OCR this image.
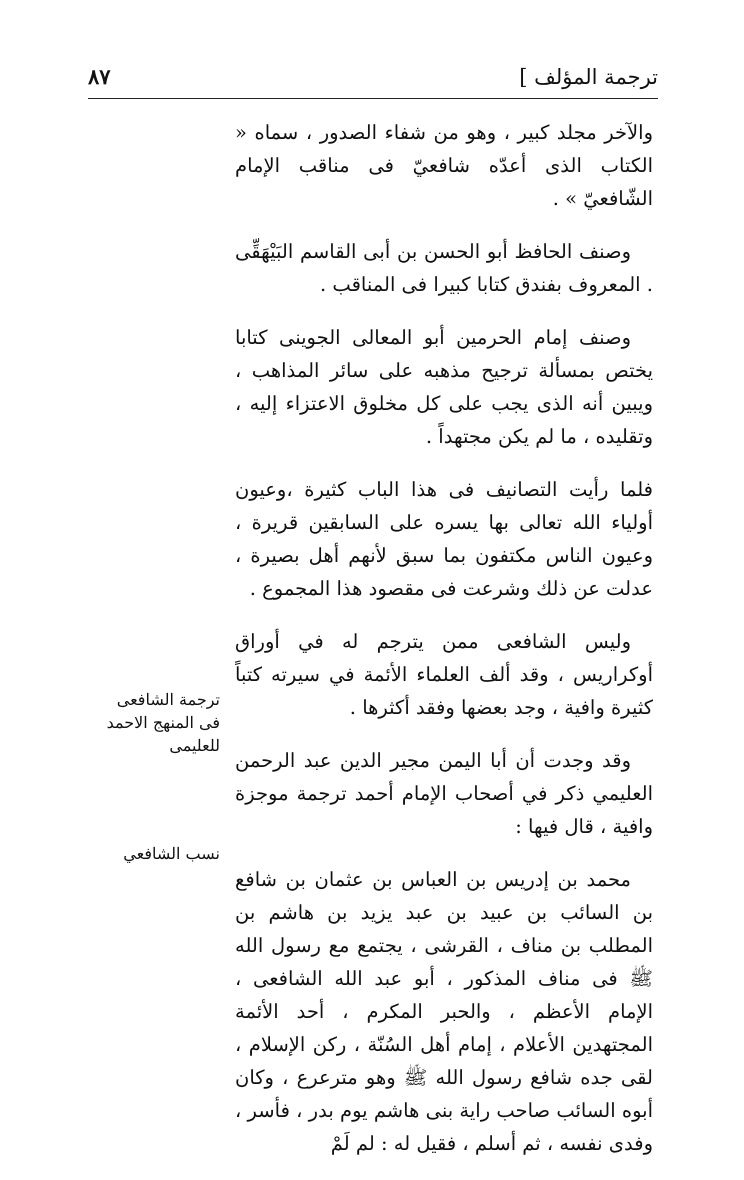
ترجمة المؤلف ]
٨٧

والآخر مجلد كبير ، وهو من شفاء الصدور ، سماه « الكتاب الذى أعدّه شافعيّ فى مناقب الإمام الشّافعيّ » .

وصنف الحافظ أبو الحسن بن أبى القاسم البَيْهَقِّى . المعروف بفندق كتابا كبيرا فى المناقب .

وصنف إمام الحرمين أبو المعالى الجوينى كتابا يختص بمسألة ترجيح مذهبه على سائر المذاهب ، ويبين أنه الذى يجب على كل مخلوق الاعتزاء إليه ، وتقليده ، ما لم يكن مجتهداً .

فلما رأيت التصانيف فى هذا الباب كثيرة ،وعيون أولياء الله تعالى بها يسره على السابقين قريرة ، وعيون الناس مكتفون بما سبق لأنهم أهل بصيرة ، عدلت عن ذلك وشرعت فى مقصود هذا المجموع .

وليس الشافعى ممن يترجم له في أوراق أوكراريس ، وقد ألف العلماء الأئمة في سيرته كتباً كثيرة وافية ، وجد بعضها وفقد أكثرها .

وقد وجدت أن أبا اليمن مجير الدين عبد الرحمن العليمي ذكر في أصحاب الإمام أحمد ترجمة موجزة وافية ، قال فيها :

محمد بن إدريس بن العباس بن عثمان بن شافع بن السائب بن عبيد بن عبد يزيد بن هاشم بن المطلب بن مناف ، القرشى ، يجتمع مع رسول الله ﷺ فى مناف المذكور ، أبو عبد الله الشافعى ، الإمام الأعظم ، والحبر المكرم ، أحد الأئمة المجتهدين الأعلام ، إمام أهل السُنّة ، ركن الإسلام ، لقى جده شافع رسول الله ﷺ وهو مترعرع ، وكان أبوه السائب صاحب راية بنى هاشم يوم بدر ، فأسر ، وفدى نفسه ، ثم أسلم ، فقيل له : لم لَمْ

ترجمة الشافعى فى المنهج الاحمد للعليمى
نسب الشافعي
